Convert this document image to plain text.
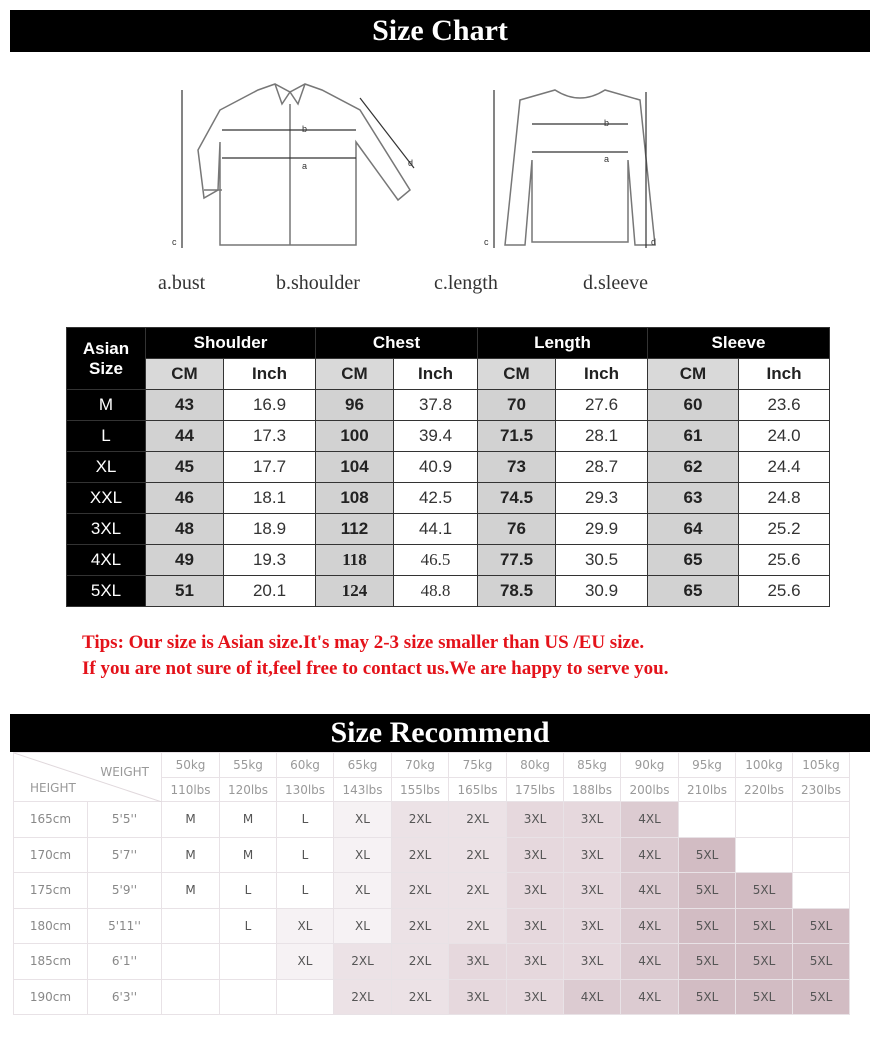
Size Chart
b
a
c
d
b
a
c	d
a.bust	b.shoulder	c.length	d.sleeve
Asian
Size	Shoulder		Chest		Length		Sleeve	
	CM	Inch	CM	Inch	CM	Inch	CM	Inch
M	43	16.9	96	37.8	70	27.6	60	23.6
L	44	17.3	100	39.4	71.5	28.1	61	24.0
XL	45	17.7	104	40.9	73	28.7	62	24.4
XXL	46	18.1	108	42.5	74.5	29.3	63	24.8
3XL	48	18.9	112	44.1	76	29.9	64	25.2
4XL	49	19.3	118	46.5	77.5	30.5	65	25.6
5XL	51	20.1	124	48.8	78.5	30.9	65	25.6
Tips: Our size is Asian size.It's may 2-3 size smaller than US /EU size.
If you are not sure of it,feel free to contact us.We are happy to serve you.
Size Recommend
WEIGHT
HEIGHT		50kg	55kg	60kg	65kg	70kg	75kg	80kg	85kg	90kg	95kg	100kg	105kg
		110lbs	120lbs	130lbs	143lbs	155lbs	165lbs	175lbs	188lbs	200lbs	210lbs	220lbs	230lbs
165cm	5'5''	M	M	L	XL	2XL	2XL	3XL	3XL	4XL			
170cm	5'7''	M	M	L	XL	2XL	2XL	3XL	3XL	4XL	5XL		
175cm	5'9''	M	L	L	XL	2XL	2XL	3XL	3XL	4XL	5XL	5XL	
180cm	5'11''		L	XL	XL	2XL	2XL	3XL	3XL	4XL	5XL	5XL	5XL
185cm	6'1''			XL	2XL	2XL	3XL	3XL	3XL	4XL	5XL	5XL	5XL
190cm	6'3''				2XL	2XL	3XL	3XL	4XL	4XL	5XL	5XL	5XL
